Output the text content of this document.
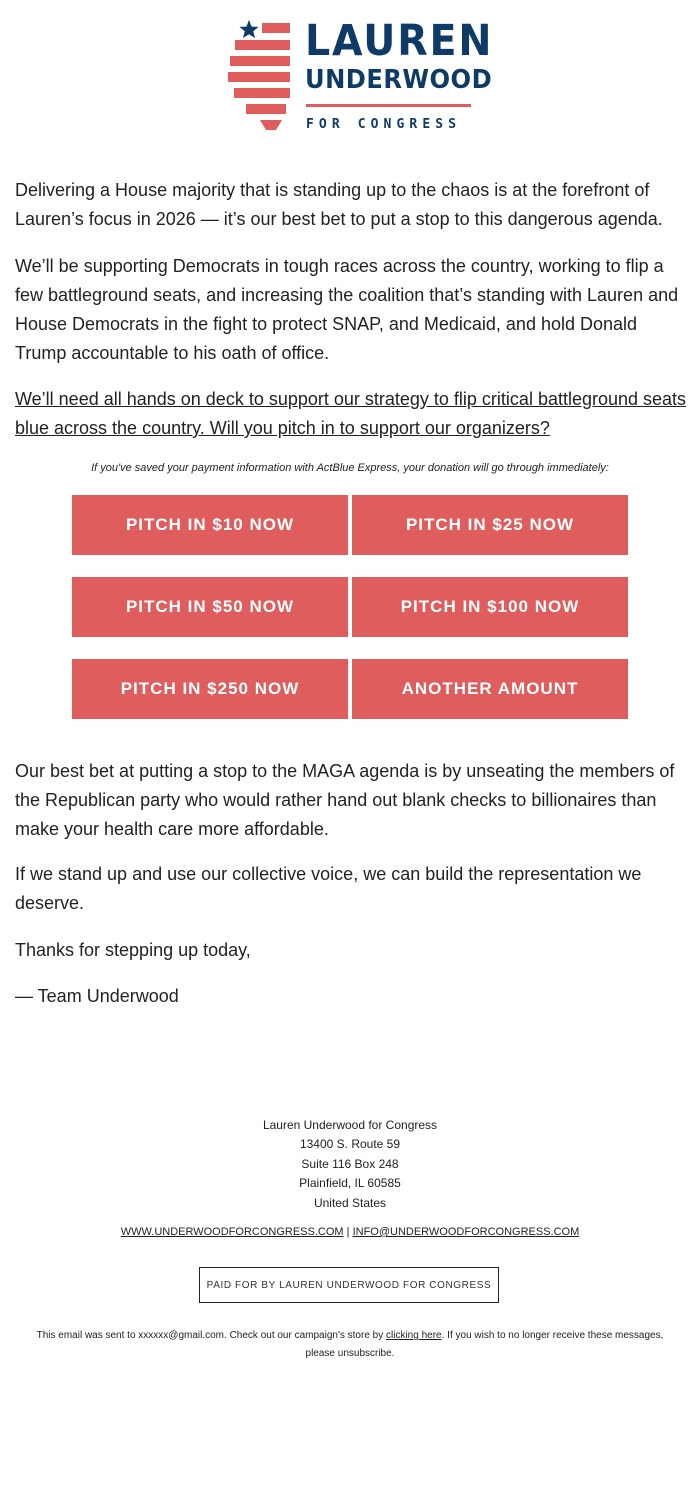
LAUREN
UNDERWOOD
FOR CONGRESS

Delivering a House majority that is standing up to the chaos is at the forefront of Lauren’s focus in 2026 — it’s our best bet to put a stop to this dangerous agenda.

We’ll be supporting Democrats in tough races across the country, working to flip a few battleground seats, and increasing the coalition that’s standing with Lauren and House Democrats in the fight to protect SNAP, and Medicaid, and hold Donald Trump accountable to his oath of office.

We’ll need all hands on deck to support our strategy to flip critical battleground seats blue across the country. Will you pitch in to support our organizers?

If you've saved your payment information with ActBlue Express, your donation will go through immediately:

PITCH IN $10 NOW	PITCH IN $25 NOW
PITCH IN $50 NOW	PITCH IN $100 NOW
PITCH IN $250 NOW	ANOTHER AMOUNT

Our best bet at putting a stop to the MAGA agenda is by unseating the members of the Republican party who would rather hand out blank checks to billionaires than make your health care more affordable.

If we stand up and use our collective voice, we can build the representation we deserve.

Thanks for stepping up today,

— Team Underwood

Lauren Underwood for Congress
13400 S. Route 59
Suite 116 Box 248
Plainfield, IL 60585
United States
WWW.UNDERWOODFORCONGRESS.COM | INFO@UNDERWOODFORCONGRESS.COM
PAID FOR BY LAUREN UNDERWOOD FOR CONGRESS

This email was sent to xxxxxx@gmail.com. Check out our campaign's store by clicking here. If you wish to no longer receive these messages, please unsubscribe.
